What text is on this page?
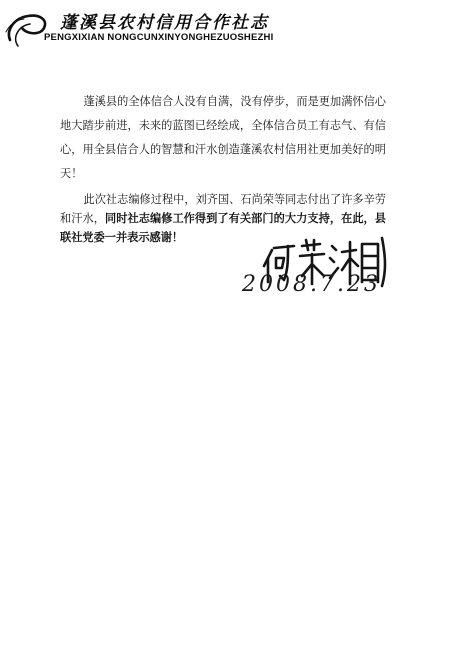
蓬溪县农村信用合作社志
PENGXIXIAN NONGCUNXINYONGHEZUOSHEZHI

蓬溪县的全体信合人没有自满，没有停步，而是更加满怀信心地大踏步前进，未来的蓝图已经绘成，全体信合员工有志气、有信心，用全县信合人的智慧和汗水创造蓬溪农村信用社更加美好的明天！

此次社志编修过程中，刘齐国、石尚荣等同志付出了许多辛劳和汗水，同时社志编修工作得到了有关部门的大力支持，在此，县联社党委一并表示感谢！

2008.7.23
